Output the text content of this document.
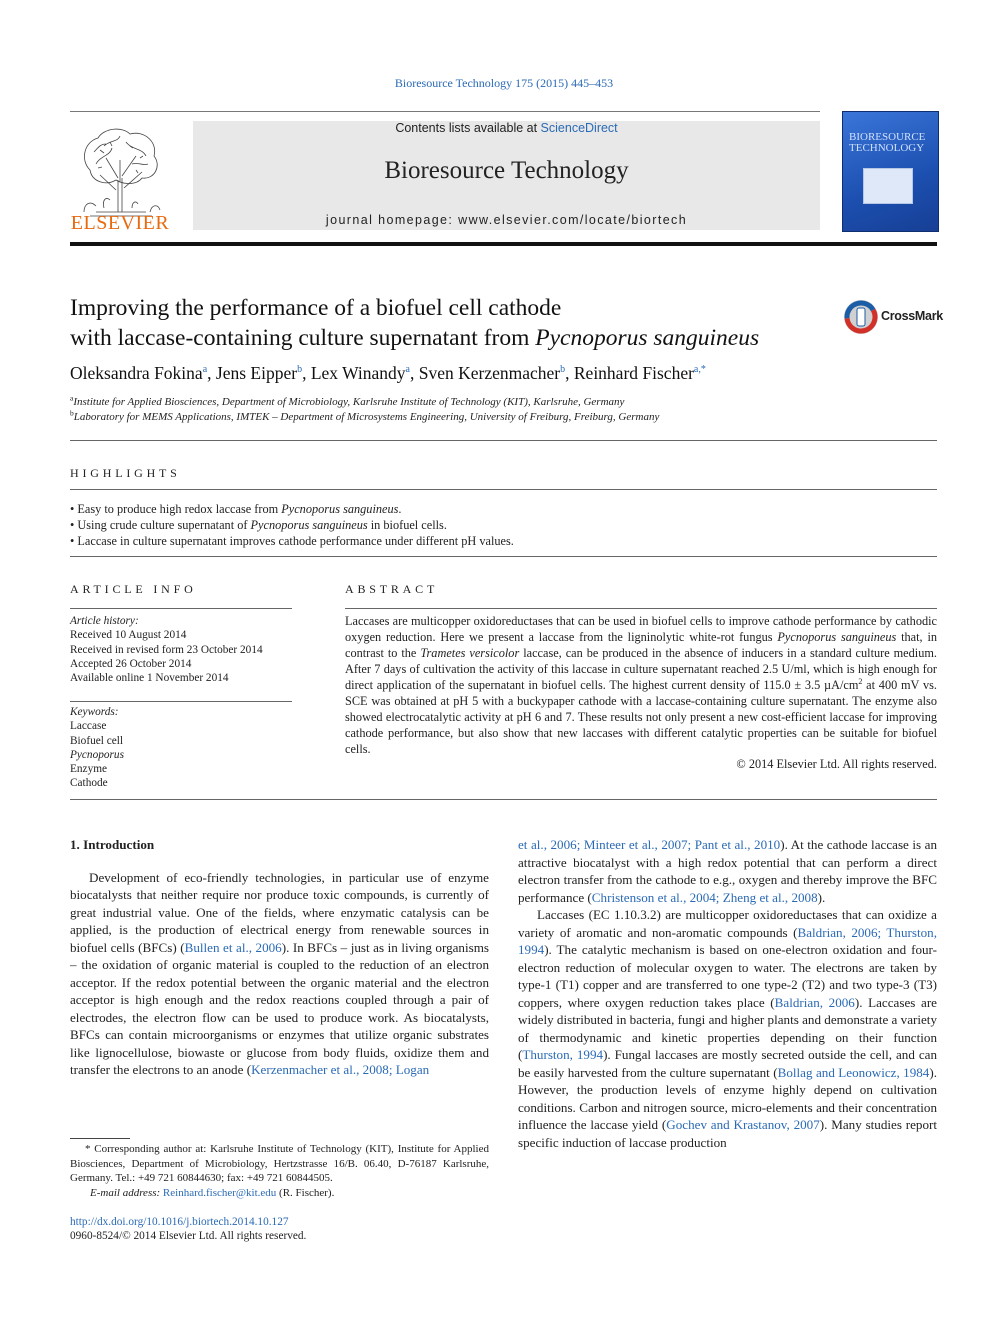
Bioresource Technology 175 (2015) 445–453
ELSEVIER
Contents lists available at ScienceDirect
Bioresource Technology
journal homepage: www.elsevier.com/locate/biortech
BIORESOURCE TECHNOLOGY
Improving the performance of a biofuel cell cathode
with laccase-containing culture supernatant from Pycnoporus sanguineus
CrossMark
Oleksandra Fokina$^a$, Jens Eipper$^b$, Lex Winandy$^a$, Sven Kerzenmacher$^b$, Reinhard Fischer$^{a,*}$
$^a$Institute for Applied Biosciences, Department of Microbiology, Karlsruhe Institute of Technology (KIT), Karlsruhe, Germany
$^b$Laboratory for MEMS Applications, IMTEK – Department of Microsystems Engineering, University of Freiburg, Freiburg, Germany
HIGHLIGHTS
• Easy to produce high redox laccase from Pycnoporus sanguineus.
• Using crude culture supernatant of Pycnoporus sanguineus in biofuel cells.
• Laccase in culture supernatant improves cathode performance under different pH values.
ARTICLE INFO
Article history:
Received 10 August 2014
Received in revised form 23 October 2014
Accepted 26 October 2014
Available online 1 November 2014
Keywords:
Laccase
Biofuel cell
Pycnoporus
Enzyme
Cathode
ABSTRACT
Laccases are multicopper oxidoreductases that can be used in biofuel cells to improve cathode performance by cathodic oxygen reduction. Here we present a laccase from the ligninolytic white-rot fungus Pycnoporus sanguineus that, in contrast to the Trametes versicolor laccase, can be produced in the absence of inducers in a standard culture medium. After 7 days of cultivation the activity of this laccase in culture supernatant reached 2.5 U/ml, which is high enough for direct application of the supernatant in biofuel cells. The highest current density of 115.0 ± 3.5 $\mu A/cm^2$ at 400 mV vs. SCE was obtained at pH 5 with a buckypaper cathode with a laccase-containing culture supernatant. The enzyme also showed electrocatalytic activity at pH 6 and 7. These results not only present a new cost-efficient laccase for improving cathode performance, but also show that new laccases with different catalytic properties can be suitable for biofuel cells.
© 2014 Elsevier Ltd. All rights reserved.

1. Introduction

Development of eco-friendly technologies, in particular use of enzyme biocatalysts that neither require nor produce toxic compounds, is currently of great industrial value. One of the fields, where enzymatic catalysis can be applied, is the production of electrical energy from renewable sources in biofuel cells (BFCs) (Bullen et al., 2006). In BFCs – just as in living organisms – the oxidation of organic material is coupled to the reduction of an electron acceptor. If the redox potential between the organic material and the electron acceptor is high enough and the redox reactions coupled through a pair of electrodes, the electron flow can be used to produce work. As biocatalysts, BFCs can contain microorganisms or enzymes that utilize organic substrates like lignocellulose, biowaste or glucose from body fluids, oxidize them and transfer the electrons to an anode (Kerzenmacher et al., 2008; Logan

et al., 2006; Minteer et al., 2007; Pant et al., 2010). At the cathode laccase is an attractive biocatalyst with a high redox potential that can perform a direct electron transfer from the cathode to e.g., oxygen and thereby improve the BFC performance (Christenson et al., 2004; Zheng et al., 2008).

Laccases (EC 1.10.3.2) are multicopper oxidoreductases that can oxidize a variety of aromatic and non-aromatic compounds (Baldrian, 2006; Thurston, 1994). The catalytic mechanism is based on one-electron oxidation and four-electron reduction of molecular oxygen to water. The electrons are taken by type-1 (T1) copper and are transferred to one type-2 (T2) and two type-3 (T3) coppers, where oxygen reduction takes place (Baldrian, 2006). Laccases are widely distributed in bacteria, fungi and higher plants and demonstrate a variety of thermodynamic and kinetic properties depending on their function (Thurston, 1994). Fungal laccases are mostly secreted outside the cell, and can be easily harvested from the culture supernatant (Bollag and Leonowicz, 1984). However, the production levels of enzyme highly depend on cultivation conditions. Carbon and nitrogen source, micro-elements and their concentration influence the laccase yield (Gochev and Krastanov, 2007). Many studies report specific induction of laccase production

* Corresponding author at: Karlsruhe Institute of Technology (KIT), Institute for Applied Biosciences, Department of Microbiology, Hertzstrasse 16/B. 06.40, D-76187 Karlsruhe, Germany. Tel.: +49 721 60844630; fax: +49 721 60844505.
E-mail address: Reinhard.fischer@kit.edu (R. Fischer).
http://dx.doi.org/10.1016/j.biortech.2014.10.127
0960-8524/© 2014 Elsevier Ltd. All rights reserved.
